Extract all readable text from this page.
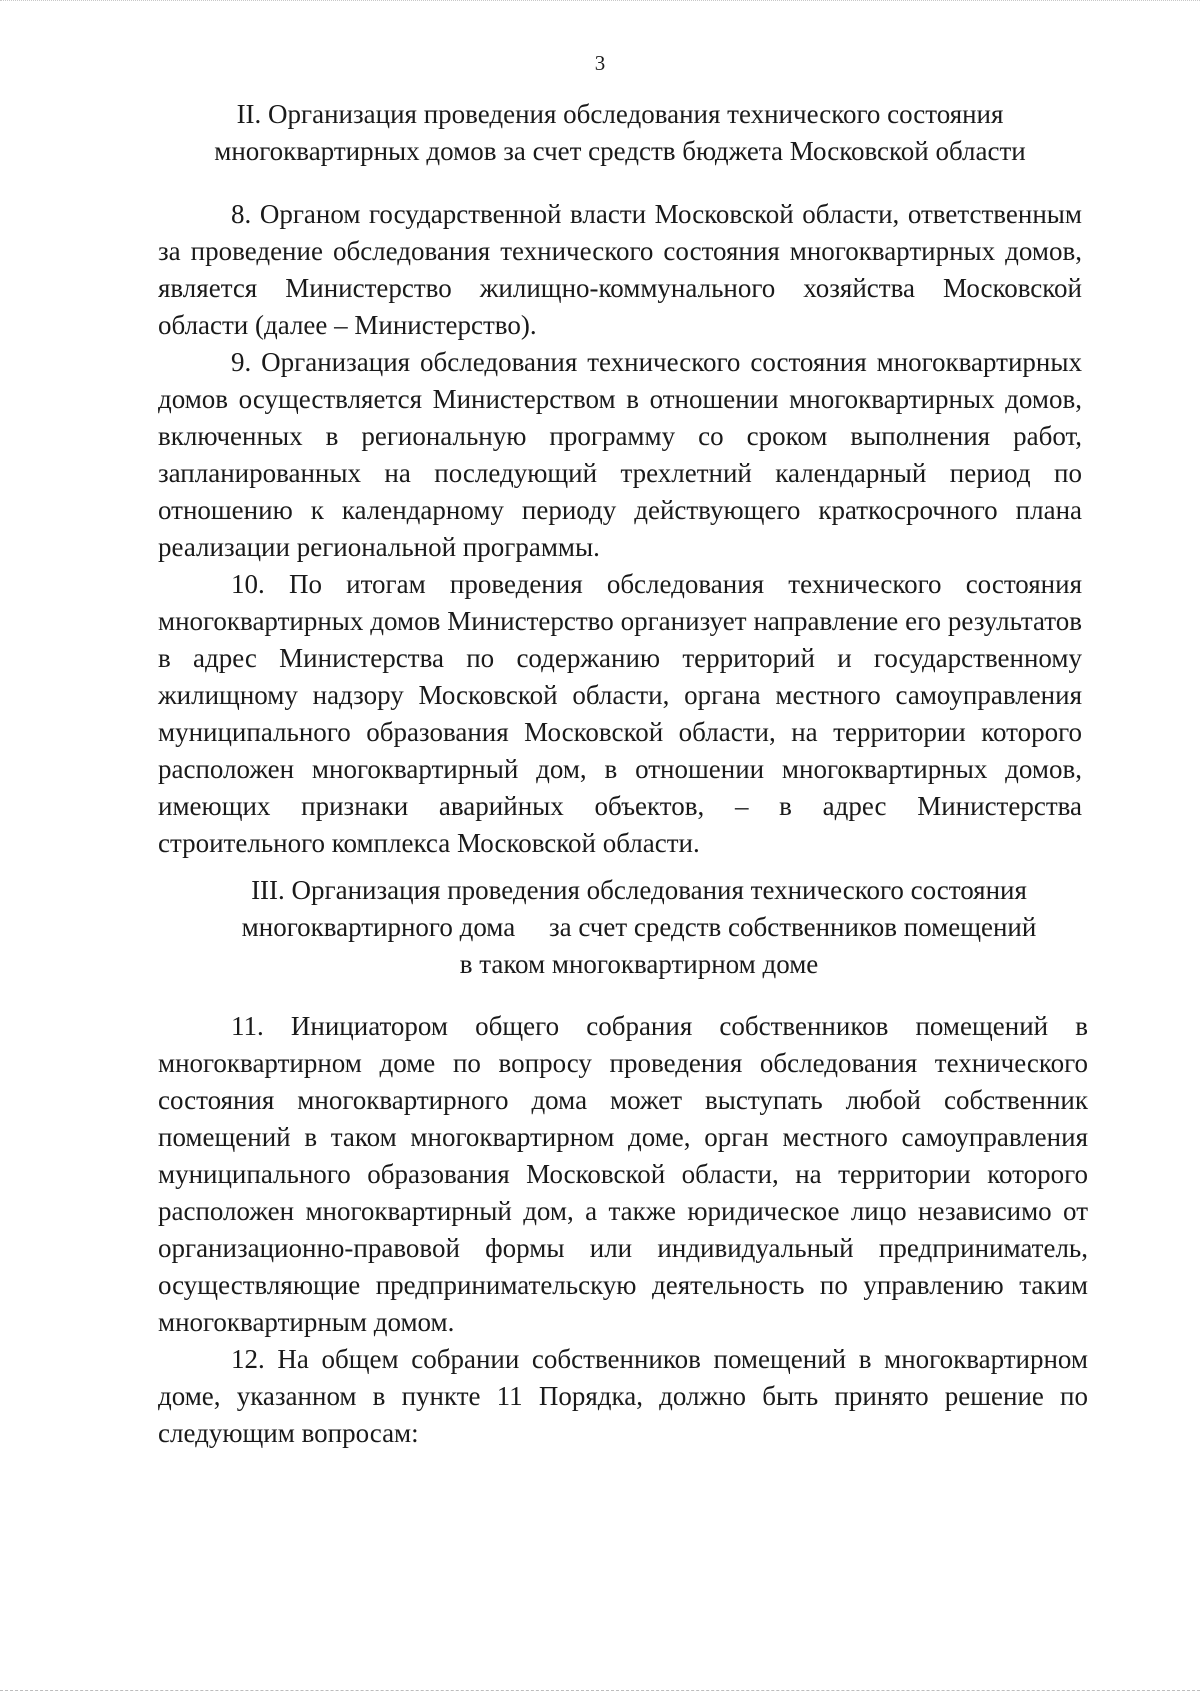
3
II. Организация проведения обследования технического состояния
многоквартирных домов за счет средств бюджета Московской области

8. Органом государственной власти Московской области, ответственным за проведение обследования технического состояния многоквартирных домов, является Министерство жилищно-коммунального хозяйства Московской области (далее – Министерство).

9. Организация обследования технического состояния многоквартирных домов осуществляется Министерством в отношении многоквартирных домов, включенных в региональную программу со сроком выполнения работ, запланированных на последующий трехлетний календарный период по отношению к календарному периоду действующего краткосрочного плана реализации региональной программы.

10. По итогам проведения обследования технического состояния многоквартирных домов Министерство организует направление его результатов в адрес Министерства по содержанию территорий и государственному жилищному надзору Московской области, органа местного самоуправления муниципального образования Московской области, на территории которого расположен многоквартирный дом, в отношении многоквартирных домов, имеющих признаки аварийных объектов, – в адрес Министерства строительного комплекса Московской области.

III. Организация проведения обследования технического состояния
многоквартирного дома     за счет средств собственников помещений
в таком многоквартирном доме

11. Инициатором общего собрания собственников помещений в многоквартирном доме по вопросу проведения обследования технического состояния многоквартирного дома может выступать любой собственник помещений в таком многоквартирном доме, орган местного самоуправления муниципального образования Московской области, на территории которого расположен многоквартирный дом, а также юридическое лицо независимо от организационно-правовой формы или индивидуальный предприниматель, осуществляющие предпринимательскую деятельность по управлению таким многоквартирным домом.

12. На общем собрании собственников помещений в многоквартирном доме, указанном в пункте 11 Порядка, должно быть принято решение по следующим вопросам:
